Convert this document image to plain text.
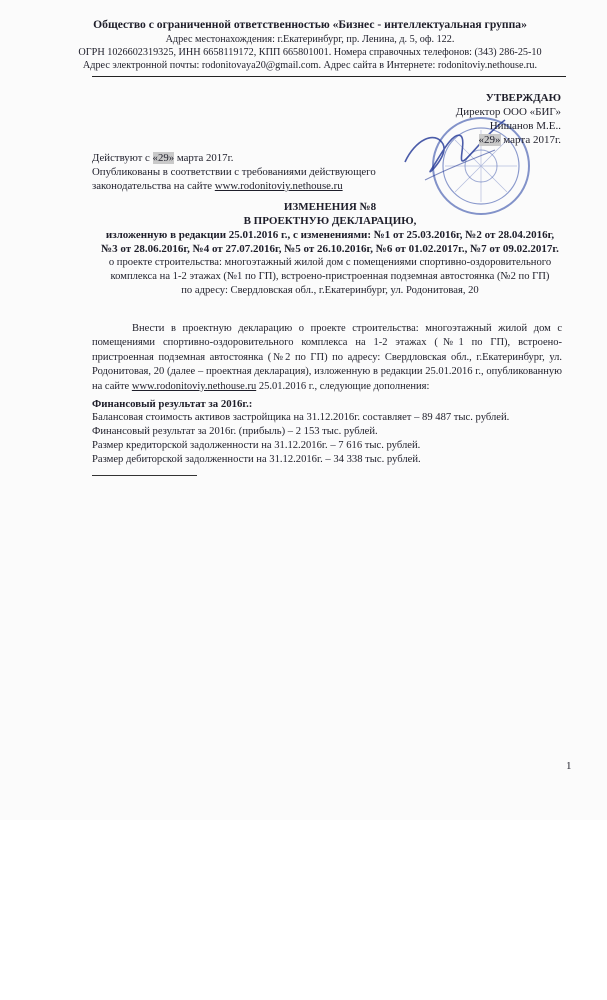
Общество с ограниченной ответственностью «Бизнес - интеллектуальная группа»
Адрес местонахождения: г.Екатеринбург, пр. Ленина, д. 5, оф. 122.
ОГРН 1026602319325, ИНН 6658119172, КПП 665801001. Номера справочных телефонов: (343) 286-25-10
Адрес электронной почты: rodonitovaya20@gmail.com. Адрес сайта в Интернете: rodonitoviy.nethouse.ru.
УТВЕРЖДАЮ
Директор ООО «БИГ»
Нишанов М.Е..
«29» марта 2017г.
Действуют с «29» марта 2017г.
Опубликованы в соответствии с требованиями действующего
законодательства на сайте www.rodonitoviy.nethouse.ru
ИЗМЕНЕНИЯ №8
В ПРОЕКТНУЮ ДЕКЛАРАЦИЮ,
изложенную в редакции 25.01.2016 г., с изменениями: №1 от 25.03.2016г, №2 от 28.04.2016г,
№3 от 28.06.2016г, №4 от 27.07.2016г, №5 от 26.10.2016г, №6 от 01.02.2017г., №7 от 09.02.2017г.
о проекте строительства: многоэтажный жилой дом с помещениями спортивно-оздоровительного
комплекса на 1-2 этажах (№1 по ГП), встроено-пристроенная подземная автостоянка (№2 по ГП)
по адресу: Свердловская обл., г.Екатеринбург, ул. Родонитовая, 20
Внести в проектную декларацию о проекте строительства: многоэтажный жилой дом с помещениями спортивно-оздоровительного комплекса на 1-2 этажах (№1 по ГП), встроено-пристроенная подземная автостоянка (№2 по ГП) по адресу: Свердловская обл., г.Екатеринбург, ул. Родонитовая, 20 (далее – проектная декларация), изложенную в редакции 25.01.2016 г., опубликованную на сайте www.rodonitoviy.nethouse.ru 25.01.2016 г., следующие дополнения:
Финансовый результат за 2016г.:
Балансовая стоимость активов застройщика на 31.12.2016г. составляет – 89 487 тыс. рублей.
Финансовый результат за 2016г. (прибыль) – 2 153 тыс. рублей.
Размер кредиторской задолженности на 31.12.2016г. – 7 616 тыс. рублей.
Размер дебиторской задолженности на 31.12.2016г. – 34 338 тыс. рублей.
1
